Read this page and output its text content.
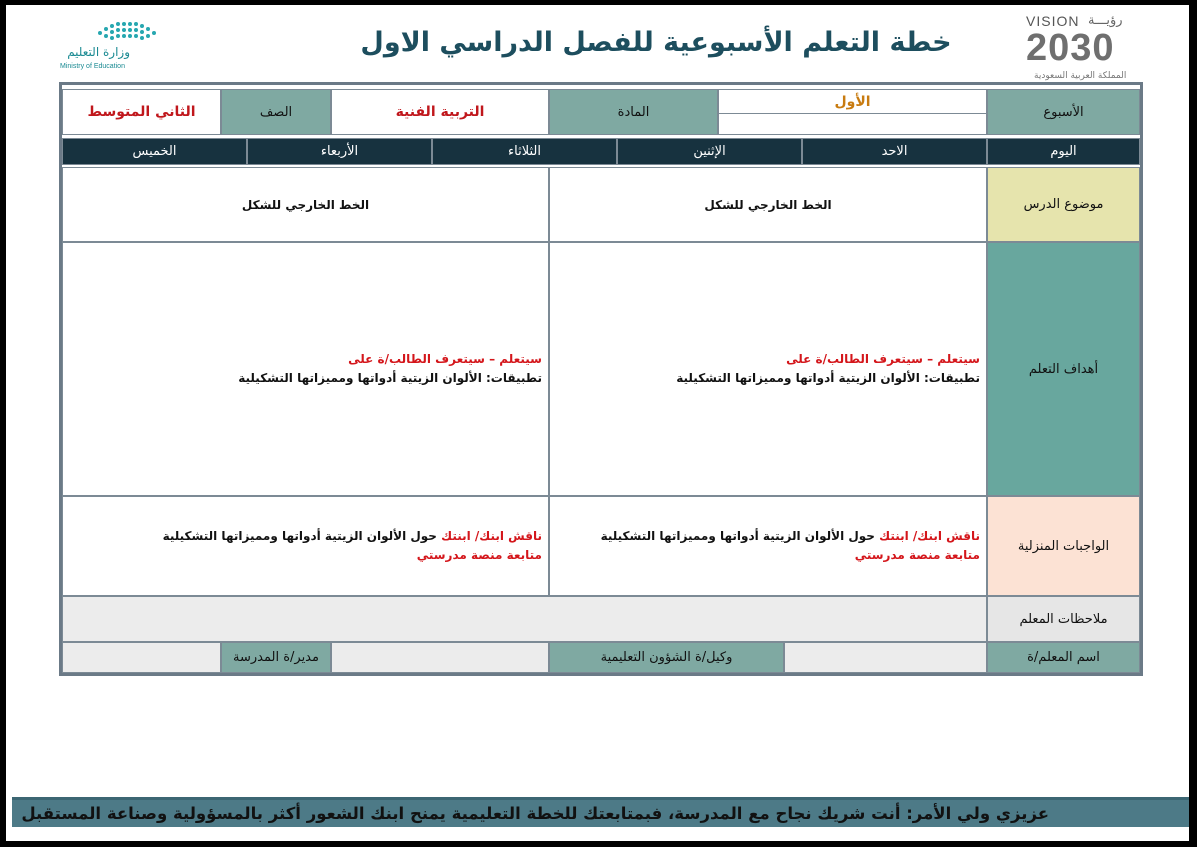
وزارة التعليم
Ministry of Education
خطة التعلم الأسبوعية للفصل الدراسي الاول
VISION رؤيـــة
2030
المملكة العربية السعودية
الأسبوع
الأول
المادة
التربية الفنية
الصف
الثاني المتوسط
اليوم
الاحد
الإثنين
الثلاثاء
الأربعاء
الخميس
موضوع الدرس
الخط الخارجي للشكل
الخط الخارجي للشكل
أهداف التعلم
سيتعلم – سيتعرف الطالب/ة على
تطبيقات: الألوان الزيتية أدواتها ومميزاتها التشكيلية
سيتعلم – سيتعرف الطالب/ة على
تطبيقات: الألوان الزيتية أدواتها ومميزاتها التشكيلية
الواجبات المنزلية
ناقش ابنك/ ابنتك حول الألوان الزيتية أدواتها ومميزاتها التشكيلية
متابعة منصة مدرستي
ناقش ابنك/ ابنتك حول الألوان الزيتية أدواتها ومميزاتها التشكيلية
متابعة منصة مدرستي
ملاحظات المعلم
اسم المعلم/ة
وكيل/ة الشؤون التعليمية
مدير/ة المدرسة
عزيزي ولي الأمر: أنت شريك نجاح مع المدرسة، فبمتابعتك للخطة التعليمية يمنح ابنك الشعور أكثر بالمسؤولية وصناعة المستقبل
